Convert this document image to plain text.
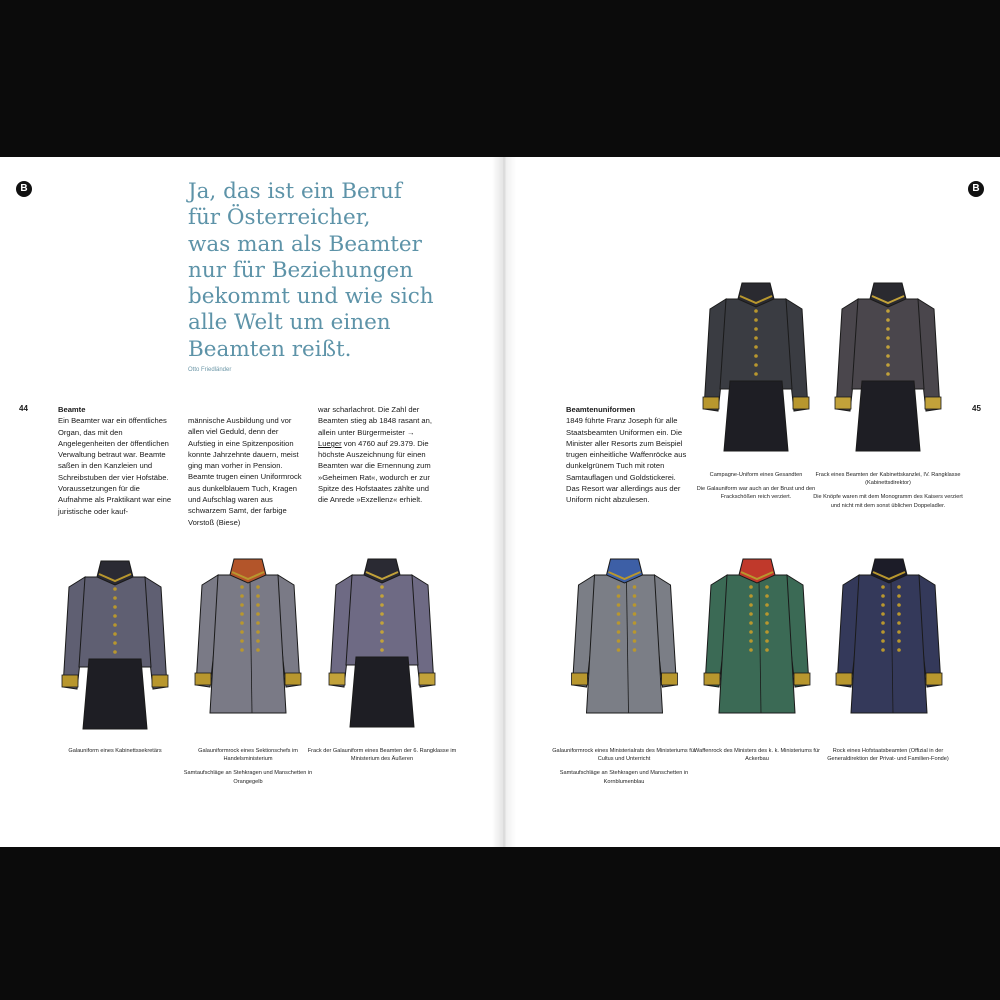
B	Ja, das ist ein Beruf
für Österreicher,
was man als Beamter
nur für Beziehungen
bekommt und wie sich
alle Welt um einen
Beamten reißt.

Otto Friedländer
44	Beamte

Ein Beamter war ein öffentliches Organ, das mit den Angelegenheiten der öffentlichen Verwaltung betraut war. Beamte saßen in den Kanzleien und Schreibstuben der vier Hofstäbe. Voraussetzungen für die Aufnahme als Praktikant war eine juristische oder kauf-

männische Ausbildung und vor allen viel Geduld, denn der Aufstieg in eine Spitzenposition konnte Jahrzehnte dauern, meist ging man vorher in Pension. Beamte trugen einen Uniformrock aus dunkelblauem Tuch, Kragen und Aufschlag waren aus schwarzem Samt, der farbige Vorstoß (Biese)

war scharlachrot. Die Zahl der Beamten stieg ab 1848 rasant an, allein unter Bürgermeister → Lueger von 4760 auf 29.379. Die höchste Auszeichnung für einen Beamten war die Ernennung zum »Geheimen Rat«, wodurch er zur Spitze des Hofstaates zählte und die Anrede »Exzellenz« erhielt.

Galauniform eines Kabinettssekretärs	Galauniformrock eines Sektionschefs im Handelsministerium

Samtaufschläge an Stehkragen und Manschetten in Orangegelb

Frack der Galauniform eines Beamten der 6. Rangklasse im Ministerium des Äußeren

B
45

Beamtenuniformen

1849 führte Franz Joseph für alle Staatsbeamten Uniformen ein. Die Minister aller Resorts zum Beispiel trugen einheitliche Waffenröcke aus dunkelgrünem Tuch mit roten Samtauflagen und Goldstickerei. Das Resort war allerdings aus der Uniform nicht abzulesen.

Campagne-Uniform eines Gesandten

Die Galauniform war auch an der Brust und den Frackschößen reich verziert.

Frack eines Beamten der Kabinettskanzlei, IV. Rangklasse (Kabinettsdirektor)

Die Knöpfe waren mit dem Monogramm des Kaisers verziert und nicht mit dem sonst üblichen Doppeladler.

Galauniformrock eines Ministerialrats des Ministeriums für Cultus und Unterricht

Samtaufschläge an Stehkragen und Manschetten in Kornblumenblau

Waffenrock des Ministers des k. k. Ministeriums für Ackerbau

Rock eines Hofstaatsbeamten (Offizial in der Generaldirektion der Privat- und Familien-Fonde)
